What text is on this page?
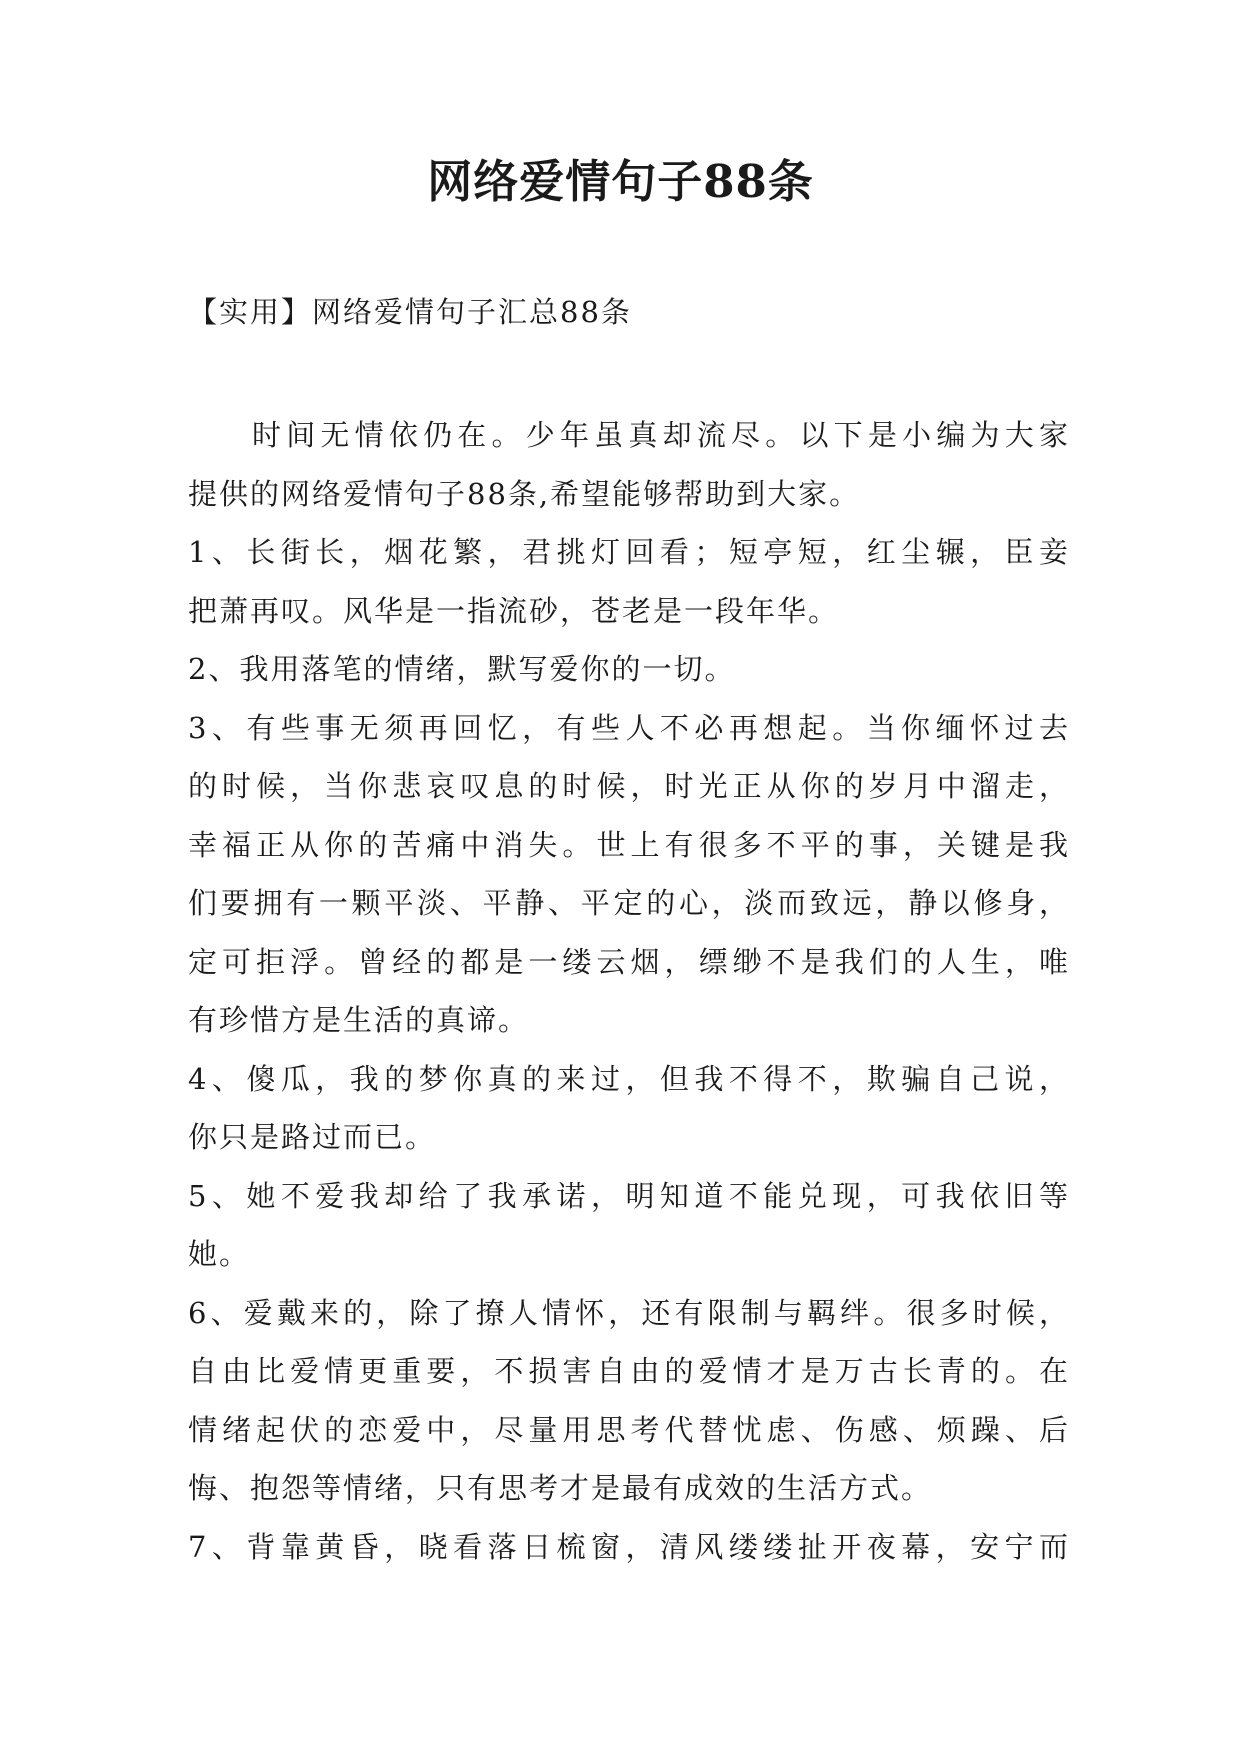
网络爱情句子88条

【实用】网络爱情句子汇总88条

时间无情依仍在。少年虽真却流尽。以下是小编为大家
提供的网络爱情句子88条,希望能够帮助到大家。
1、长街长，烟花繁，君挑灯回看；短亭短，红尘辗，臣妾
把萧再叹。风华是一指流砂，苍老是一段年华。
2、我用落笔的情绪，默写爱你的一切。
3、有些事无须再回忆，有些人不必再想起。当你缅怀过去
的时候，当你悲哀叹息的时候，时光正从你的岁月中溜走，
幸福正从你的苦痛中消失。世上有很多不平的事，关键是我
们要拥有一颗平淡、平静、平定的心，淡而致远，静以修身，
定可拒浮。曾经的都是一缕云烟，缥缈不是我们的人生，唯
有珍惜方是生活的真谛。
4、傻瓜，我的梦你真的来过，但我不得不，欺骗自己说，
你只是路过而已。
5、她不爱我却给了我承诺，明知道不能兑现，可我依旧等
她。
6、爱戴来的，除了撩人情怀，还有限制与羁绊。很多时候，
自由比爱情更重要，不损害自由的爱情才是万古长青的。在
情绪起伏的恋爱中，尽量用思考代替忧虑、伤感、烦躁、后
悔、抱怨等情绪，只有思考才是最有成效的生活方式。
7、背靠黄昏，晓看落日梳窗，清风缕缕扯开夜幕，安宁而
